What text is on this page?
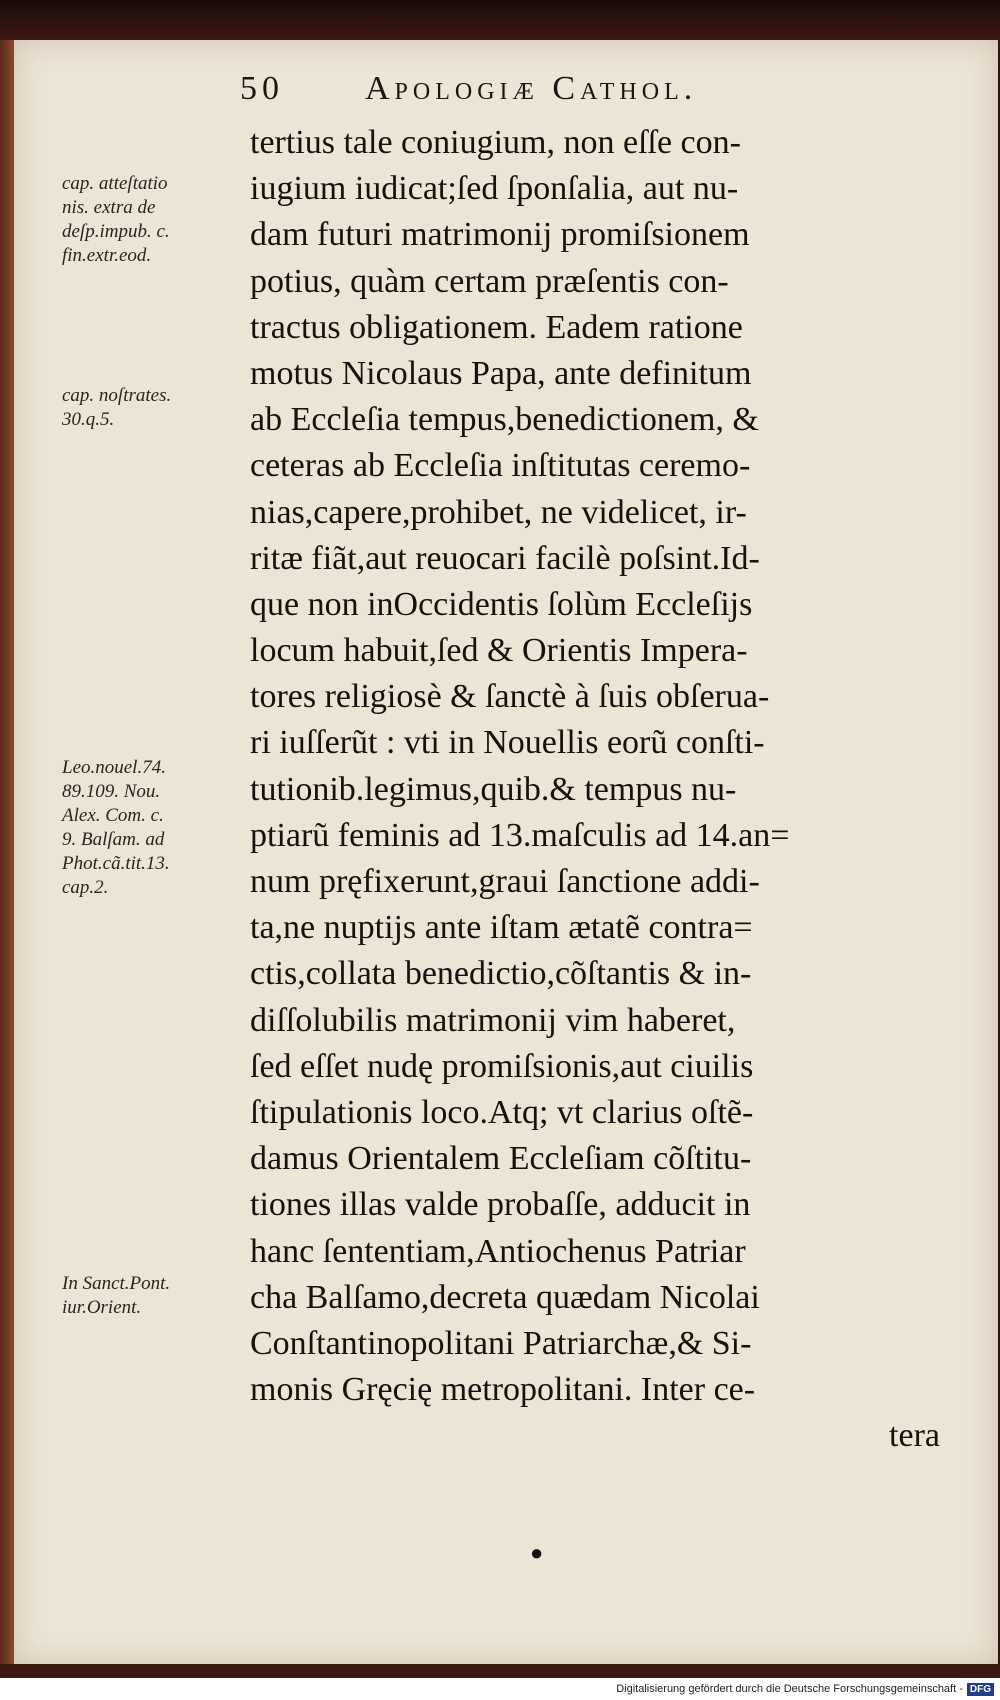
50 Apologiæ Cathol.
cap. atteſtatio
nis. extra de
deſp.impub. c.
fin.extr.eod.
cap. noſtrates.
30.q.5.
Leo.nouel.74.
89.109. Nou.
Alex. Com. c.
9. Balſam. ad
Phot.cã.tit.13.
cap.2.
In Sanct.Pont.
iur.Orient.
tertius tale coniugium, non eſſe con-
iugium iudicat;ſed ſponſalia, aut nu-
dam futuri matrimonij promiſsionem
potius, quàm certam præſentis con-
tractus obligationem. Eadem ratione
motus Nicolaus Papa, ante definitum
ab Eccleſia tempus,benedictionem, &
ceteras ab Eccleſia inſtitutas ceremo-
nias,capere,prohibet, ne videlicet, ir-
ritæ fiãt,aut reuocari facilè poſsint.Id-
que non inOccidentis ſolùm Eccleſijs
locum habuit,ſed & Orientis Impera-
tores religiosè & ſanctè à ſuis obſerua-
ri iuſſerũt : vti in Nouellis eorũ conſti-
tutionib.legimus,quib.& tempus nu-
ptiarũ feminis ad 13.maſculis ad 14.an=
num pręfixerunt,graui ſanctione addi-
ta,ne nuptijs ante iſtam ætatẽ contra=
ctis,collata benedictio,cõſtantis & in-
diſſolubilis matrimonij vim haberet,
ſed eſſet nudę promiſsionis,aut ciuilis
ſtipulationis loco.Atq; vt clarius oſtẽ-
damus Orientalem Eccleſiam cõſtitu-
tiones illas valde probaſſe, adducit in
hanc ſententiam,Antiochenus Patriar
cha Balſamo,decreta quædam Nicolai
Conſtantinopolitani Patriarchæ,& Si-
monis Gręcię metropolitani. Inter ce-
tera
●
Digitalisierung gefördert durch die Deutsche Forschungsgemeinschaft - DFG
